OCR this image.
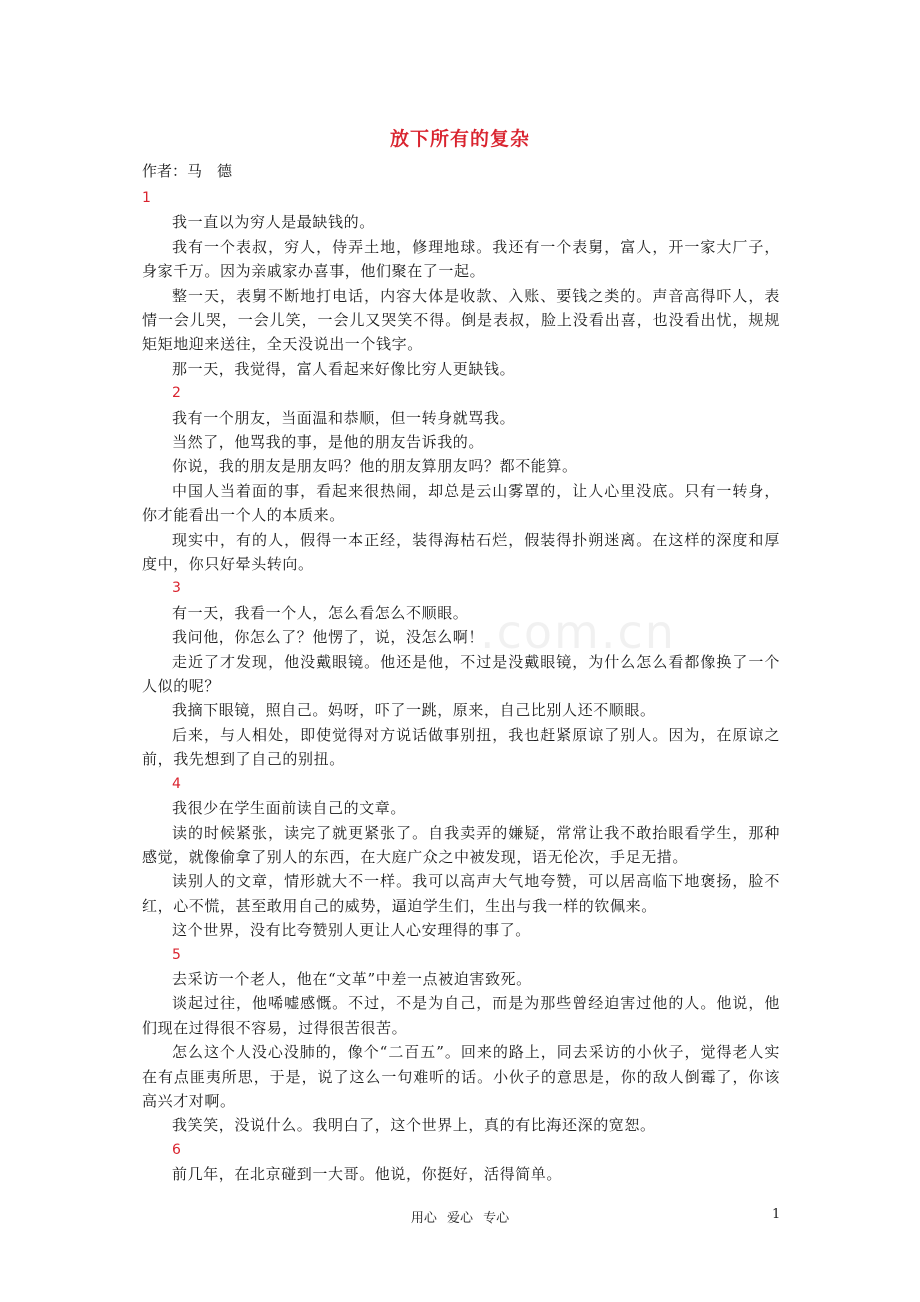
.com.cn
放下所有的复杂
作者：马　德
1

我一直以为穷人是最缺钱的。

我有一个表叔，穷人，侍弄土地，修理地球。我还有一个表舅，富人，开一家大厂子，身家千万。因为亲戚家办喜事，他们聚在了一起。

整一天，表舅不断地打电话，内容大体是收款、入账、要钱之类的。声音高得吓人，表情一会儿哭，一会儿笑，一会儿又哭笑不得。倒是表叔，脸上没看出喜，也没看出忧，规规矩矩地迎来送往，全天没说出一个钱字。

那一天，我觉得，富人看起来好像比穷人更缺钱。

2

我有一个朋友，当面温和恭顺，但一转身就骂我。

当然了，他骂我的事，是他的朋友告诉我的。

你说，我的朋友是朋友吗？他的朋友算朋友吗？都不能算。

中国人当着面的事，看起来很热闹，却总是云山雾罩的，让人心里没底。只有一转身，你才能看出一个人的本质来。

现实中，有的人，假得一本正经，装得海枯石烂，假装得扑朔迷离。在这样的深度和厚度中，你只好晕头转向。

3

有一天，我看一个人，怎么看怎么不顺眼。

我问他，你怎么了？他愣了，说，没怎么啊！

走近了才发现，他没戴眼镜。他还是他，不过是没戴眼镜，为什么怎么看都像换了一个人似的呢？

我摘下眼镜，照自己。妈呀，吓了一跳，原来，自己比别人还不顺眼。

后来，与人相处，即使觉得对方说话做事别扭，我也赶紧原谅了别人。因为，在原谅之前，我先想到了自己的别扭。

4

我很少在学生面前读自己的文章。

读的时候紧张，读完了就更紧张了。自我卖弄的嫌疑，常常让我不敢抬眼看学生，那种感觉，就像偷拿了别人的东西，在大庭广众之中被发现，语无伦次，手足无措。

读别人的文章，情形就大不一样。我可以高声大气地夸赞，可以居高临下地褒扬，脸不红，心不慌，甚至敢用自己的威势，逼迫学生们，生出与我一样的钦佩来。

这个世界，没有比夸赞别人更让人心安理得的事了。

5

去采访一个老人，他在“文革”中差一点被迫害致死。

谈起过往，他唏嘘感慨。不过，不是为自己，而是为那些曾经迫害过他的人。他说，他们现在过得很不容易，过得很苦很苦。

怎么这个人没心没肺的，像个“二百五”。回来的路上，同去采访的小伙子，觉得老人实在有点匪夷所思，于是，说了这么一句难听的话。小伙子的意思是，你的敌人倒霉了，你该高兴才对啊。

我笑笑，没说什么。我明白了，这个世界上，真的有比海还深的宽恕。

6

前几年，在北京碰到一大哥。他说，你挺好，活得简单。

用心 爱心 专心	1
